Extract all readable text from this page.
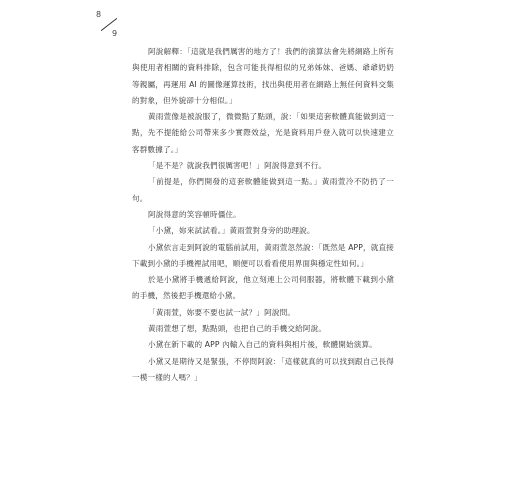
8
9

阿說解釋：「這就是我們厲害的地方了！我們的演算法會先將網路上所有與使用者相關的資料排除，包含可能長得相似的兄弟姊妹、爸媽、爺爺奶奶等親屬，再運用 AI 的圖像運算技術，找出與使用者在網路上無任何資料交集的對象，但外貌卻十分相似。」

黃雨萱像是被說服了，微微點了點頭，說：「如果這套軟體真能做到這一點，先不提能給公司帶來多少實際效益，光是資料用戶登入就可以快速建立客群數據了。」

「是不是？就說我們很厲害吧！」阿說得意到不行。

「前提是，你們開發的這套軟體能做到這一點。」黃雨萱冷不防扔了一句。

阿說得意的笑容頓時僵住。

「小黛，妳來試試看。」黃雨萱對身旁的助理說。

小黛依言走到阿說的電腦前試用，黃雨萱忽然說：「既然是 APP，就直接下載到小黛的手機裡試用吧，順便可以看看使用界面與穩定性如何。」

於是小黛將手機遞給阿說，他立刻連上公司伺服器，將軟體下載到小黛的手機，然後把手機還給小黛。

「黃雨萱，妳要不要也試一試？」阿說問。

黃雨萱想了想，點點頭，也把自己的手機交給阿說。

小黛在新下載的 APP 內輸入自己的資料與相片後，軟體開始演算。

小黛又是期待又是緊張，不停問阿說：「這樣就真的可以找到跟自己長得一模一樣的人嗎？」
